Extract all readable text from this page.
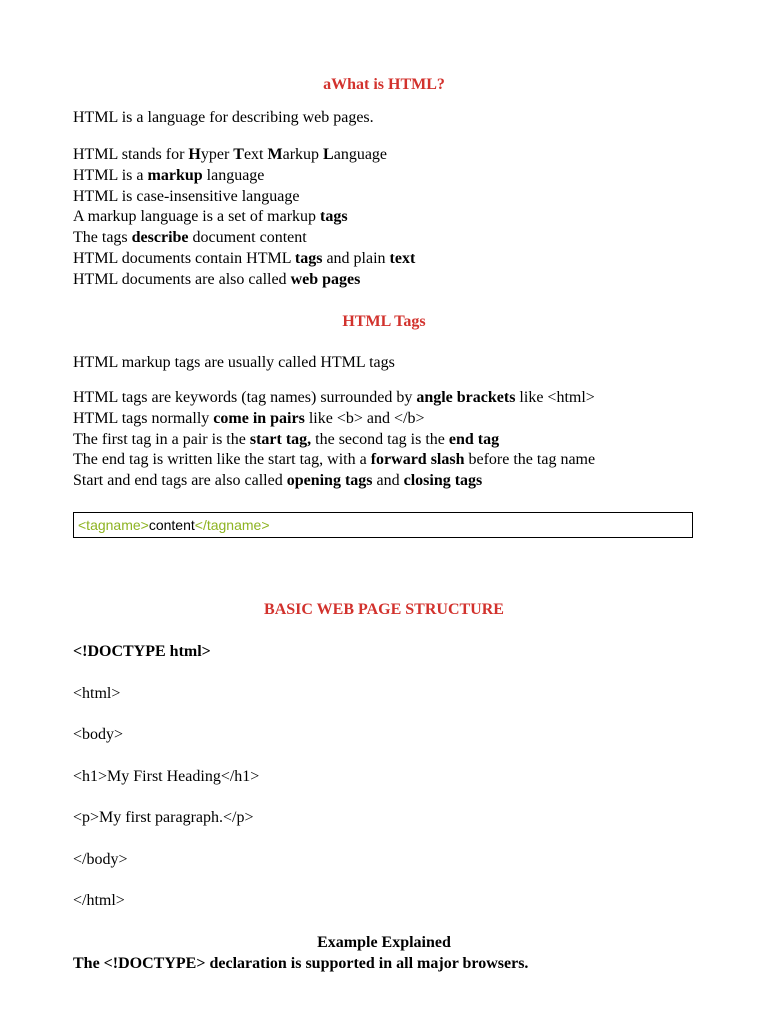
aWhat is HTML?

HTML is a language for describing web pages.

HTML stands for Hyper Text Markup Language

HTML is a markup language

HTML is case-insensitive language

A markup language is a set of markup tags

The tags describe document content

HTML documents contain HTML tags and plain text

HTML documents are also called web pages

HTML Tags

HTML markup tags are usually called HTML tags

HTML tags are keywords (tag names) surrounded by angle brackets like <html>

HTML tags normally come in pairs like <b> and </b>

The first tag in a pair is the start tag, the second tag is the end tag

The end tag is written like the start tag, with a forward slash before the tag name

Start and end tags are also called opening tags and closing tags

<tagname>content</tagname>
BASIC WEB PAGE STRUCTURE

<!DOCTYPE html>

<html>

<body>

<h1>My First Heading</h1>

<p>My first paragraph.</p>

</body>

</html>

Example Explained

The <!DOCTYPE> declaration is supported in all major browsers.
